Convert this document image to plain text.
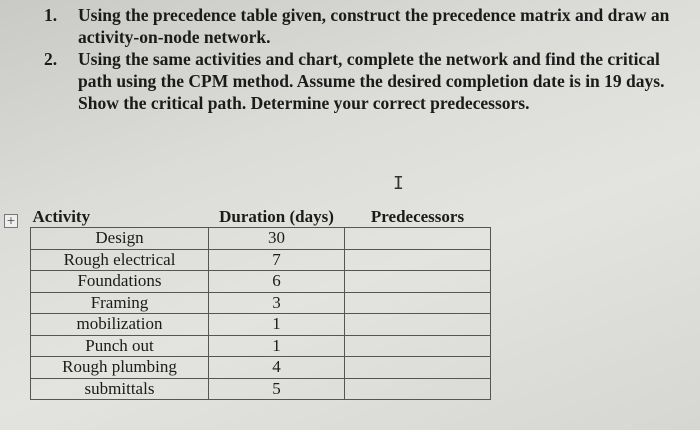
1.	Using the precedence table given, construct the precedence matrix and draw an activity-on-node network.
2.	Using the same activities and chart, complete the network and find the critical path using the CPM method. Assume the desired completion date is in 19 days. Show the critical path. Determine your correct predecessors.
I
+ Activity	Duration (days)	Predecessors
Design	30	
Rough electrical	7	
Foundations	6	
Framing	3	
mobilization	1	
Punch out	1	
Rough plumbing	4	
submittals	5	
